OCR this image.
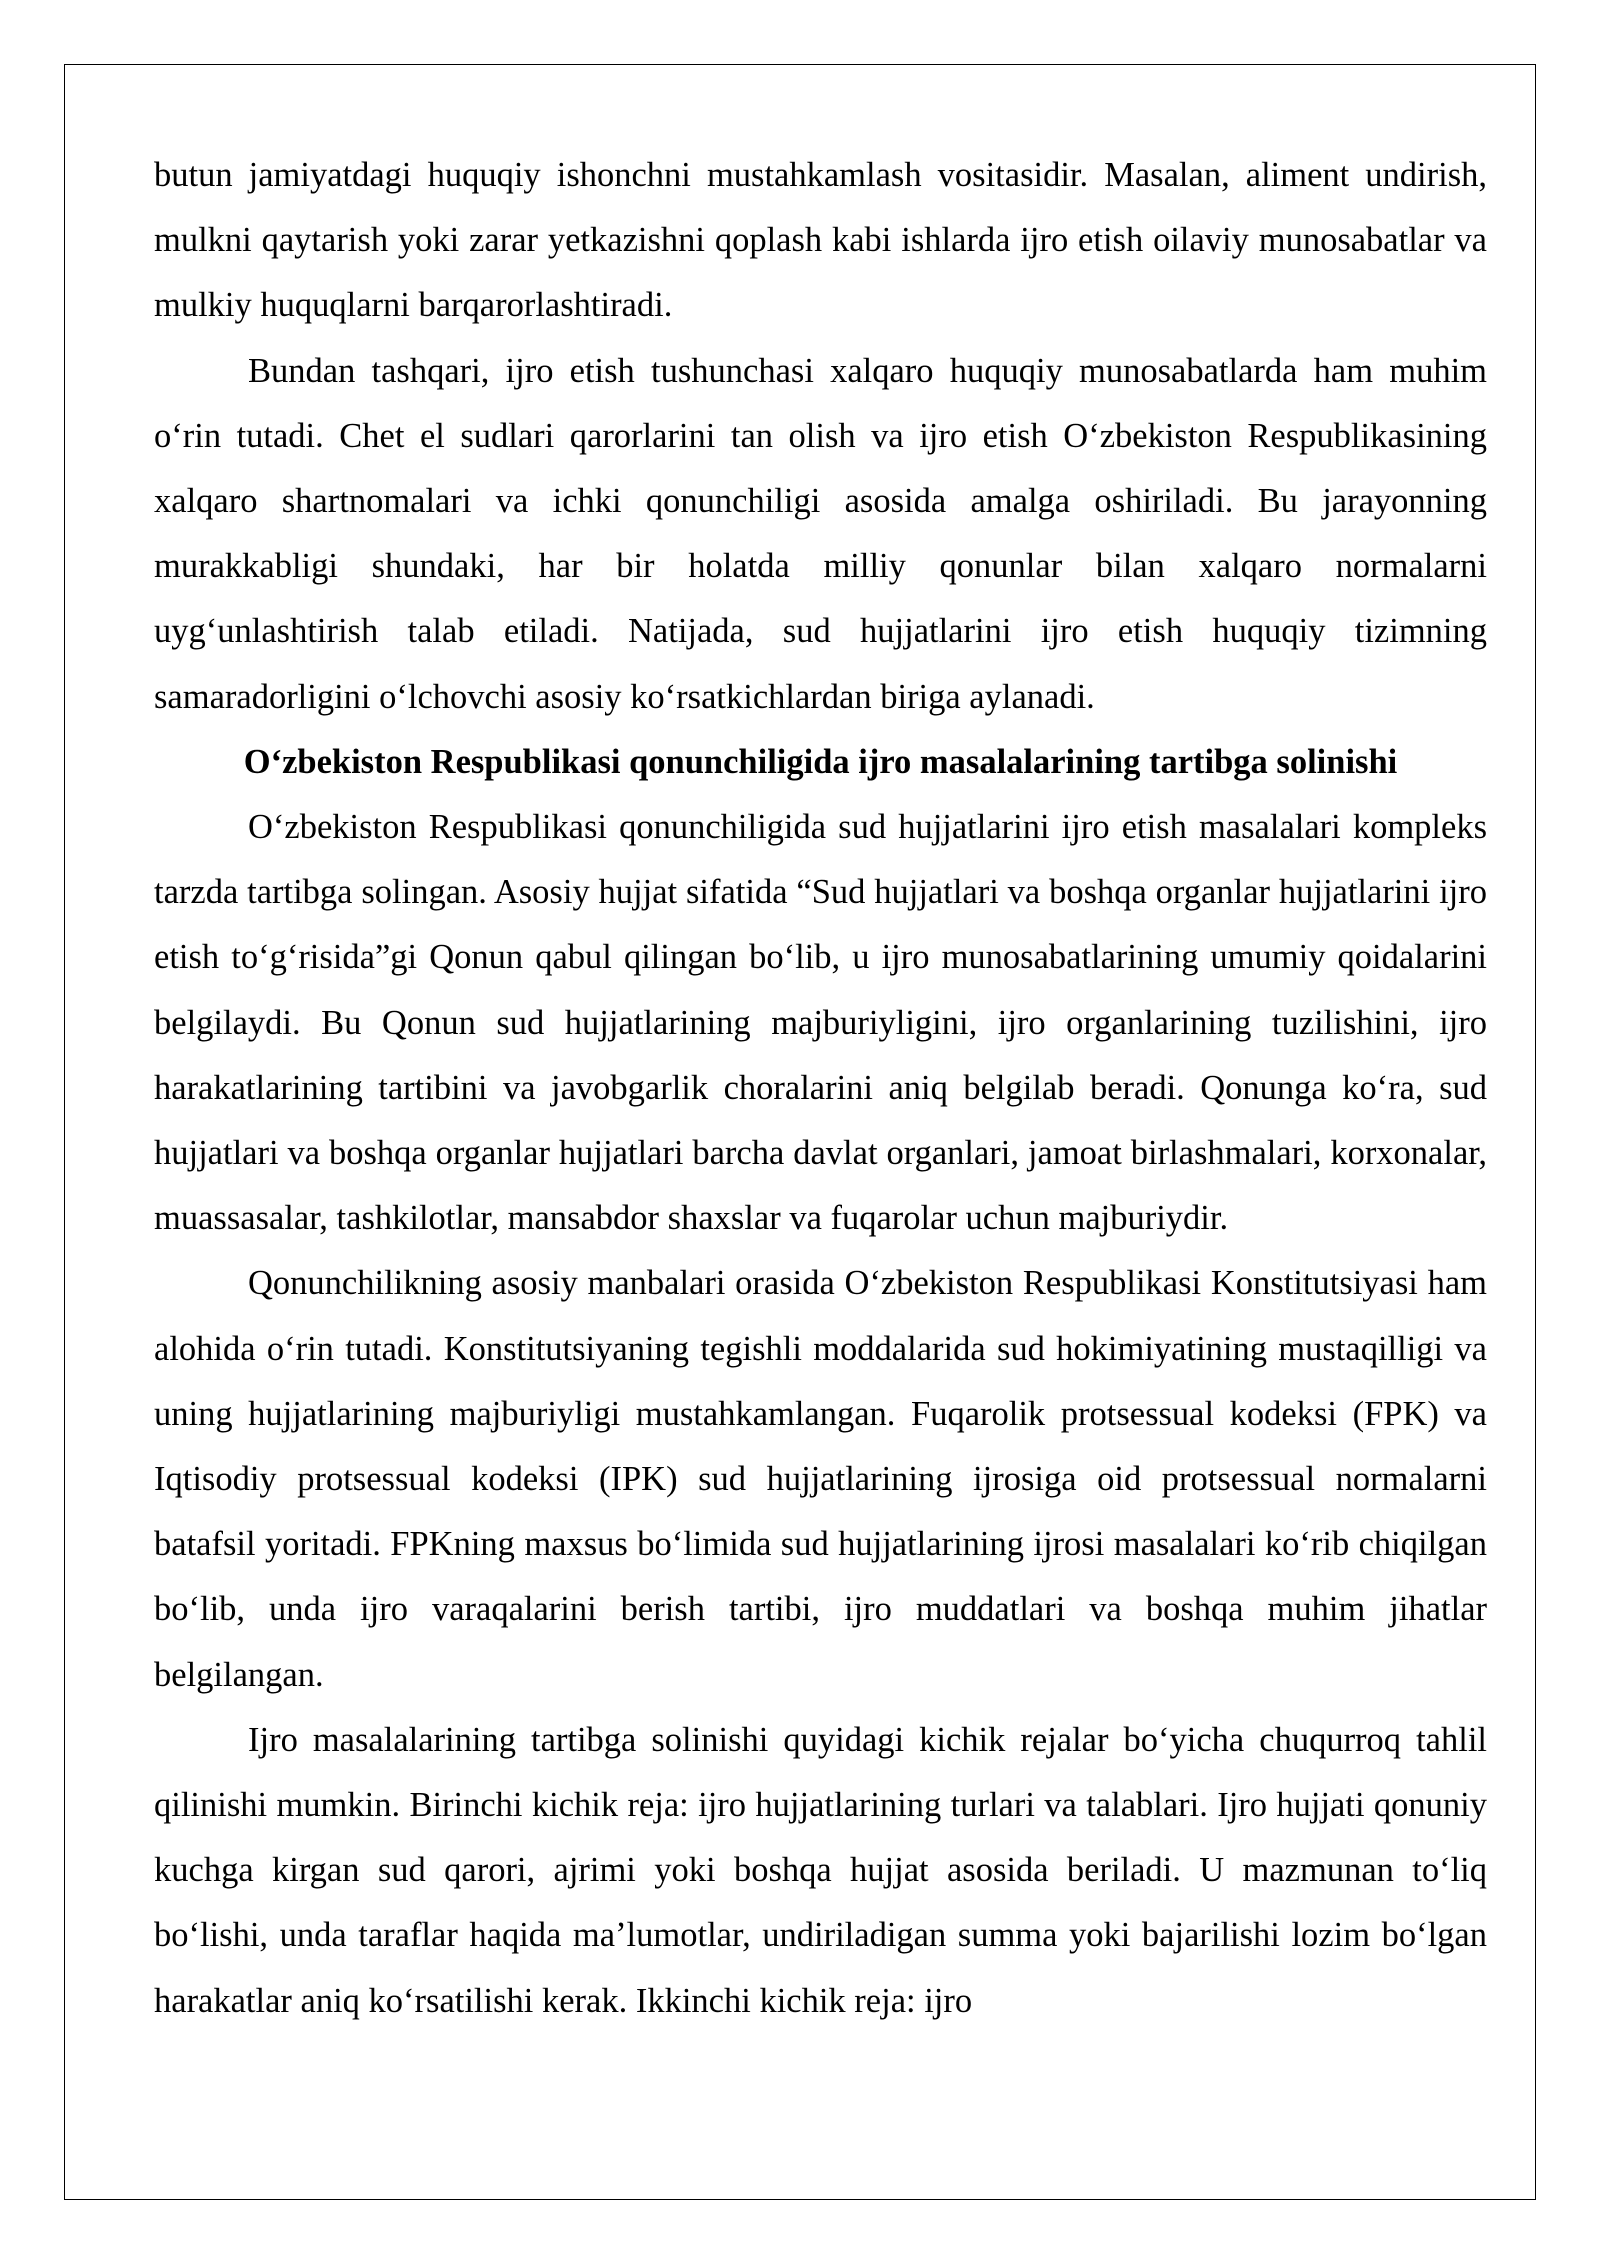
butun jamiyatdagi huquqiy ishonchni mustahkamlash vositasidir. Masalan, aliment undirish, mulkni qaytarish yoki zarar yetkazishni qoplash kabi ishlarda ijro etish oilaviy munosabatlar va mulkiy huquqlarni barqarorlashtiradi.

Bundan tashqari, ijro etish tushunchasi xalqaro huquqiy munosabatlarda ham muhim oʻrin tutadi. Chet el sudlari qarorlarini tan olish va ijro etish Oʻzbekiston Respublikasining xalqaro shartnomalari va ichki qonunchiligi asosida amalga oshiriladi. Bu jarayonning murakkabligi shundaki, har bir holatda milliy qonunlar bilan xalqaro normalarni uygʻunlashtirish talab etiladi. Natijada, sud hujjatlarini ijro etish huquqiy tizimning samaradorligini oʻlchovchi asosiy koʻrsatkichlardan biriga aylanadi.

Oʻzbekiston Respublikasi qonunchiligida ijro masalalarining tartibga solinishi

Oʻzbekiston Respublikasi qonunchiligida sud hujjatlarini ijro etish masalalari kompleks tarzda tartibga solingan. Asosiy hujjat sifatida “Sud hujjatlari va boshqa organlar hujjatlarini ijro etish toʻgʻrisida”gi Qonun qabul qilingan boʻlib, u ijro munosabatlarining umumiy qoidalarini belgilaydi. Bu Qonun sud hujjatlarining majburiyligini, ijro organlarining tuzilishini, ijro harakatlarining tartibini va javobgarlik choralarini aniq belgilab beradi. Qonunga koʻra, sud hujjatlari va boshqa organlar hujjatlari barcha davlat organlari, jamoat birlashmalari, korxonalar, muassasalar, tashkilotlar, mansabdor shaxslar va fuqarolar uchun majburiydir.

Qonunchilikning asosiy manbalari orasida Oʻzbekiston Respublikasi Konstitutsiyasi ham alohida oʻrin tutadi. Konstitutsiyaning tegishli moddalarida sud hokimiyatining mustaqilligi va uning hujjatlarining majburiyligi mustahkamlangan. Fuqarolik protsessual kodeksi (FPK) va Iqtisodiy protsessual kodeksi (IPK) sud hujjatlarining ijrosiga oid protsessual normalarni batafsil yoritadi. FPKning maxsus boʻlimida sud hujjatlarining ijrosi masalalari koʻrib chiqilgan boʻlib, unda ijro varaqalarini berish tartibi, ijro muddatlari va boshqa muhim jihatlar belgilangan.

Ijro masalalarining tartibga solinishi quyidagi kichik rejalar boʻyicha chuqurroq tahlil qilinishi mumkin. Birinchi kichik reja: ijro hujjatlarining turlari va talablari. Ijro hujjati qonuniy kuchga kirgan sud qarori, ajrimi yoki boshqa hujjat asosida beriladi. U mazmunan toʻliq boʻlishi, unda taraflar haqida maʼlumotlar, undiriladigan summa yoki bajarilishi lozim boʻlgan harakatlar aniq koʻrsatilishi kerak. Ikkinchi kichik reja: ijro
